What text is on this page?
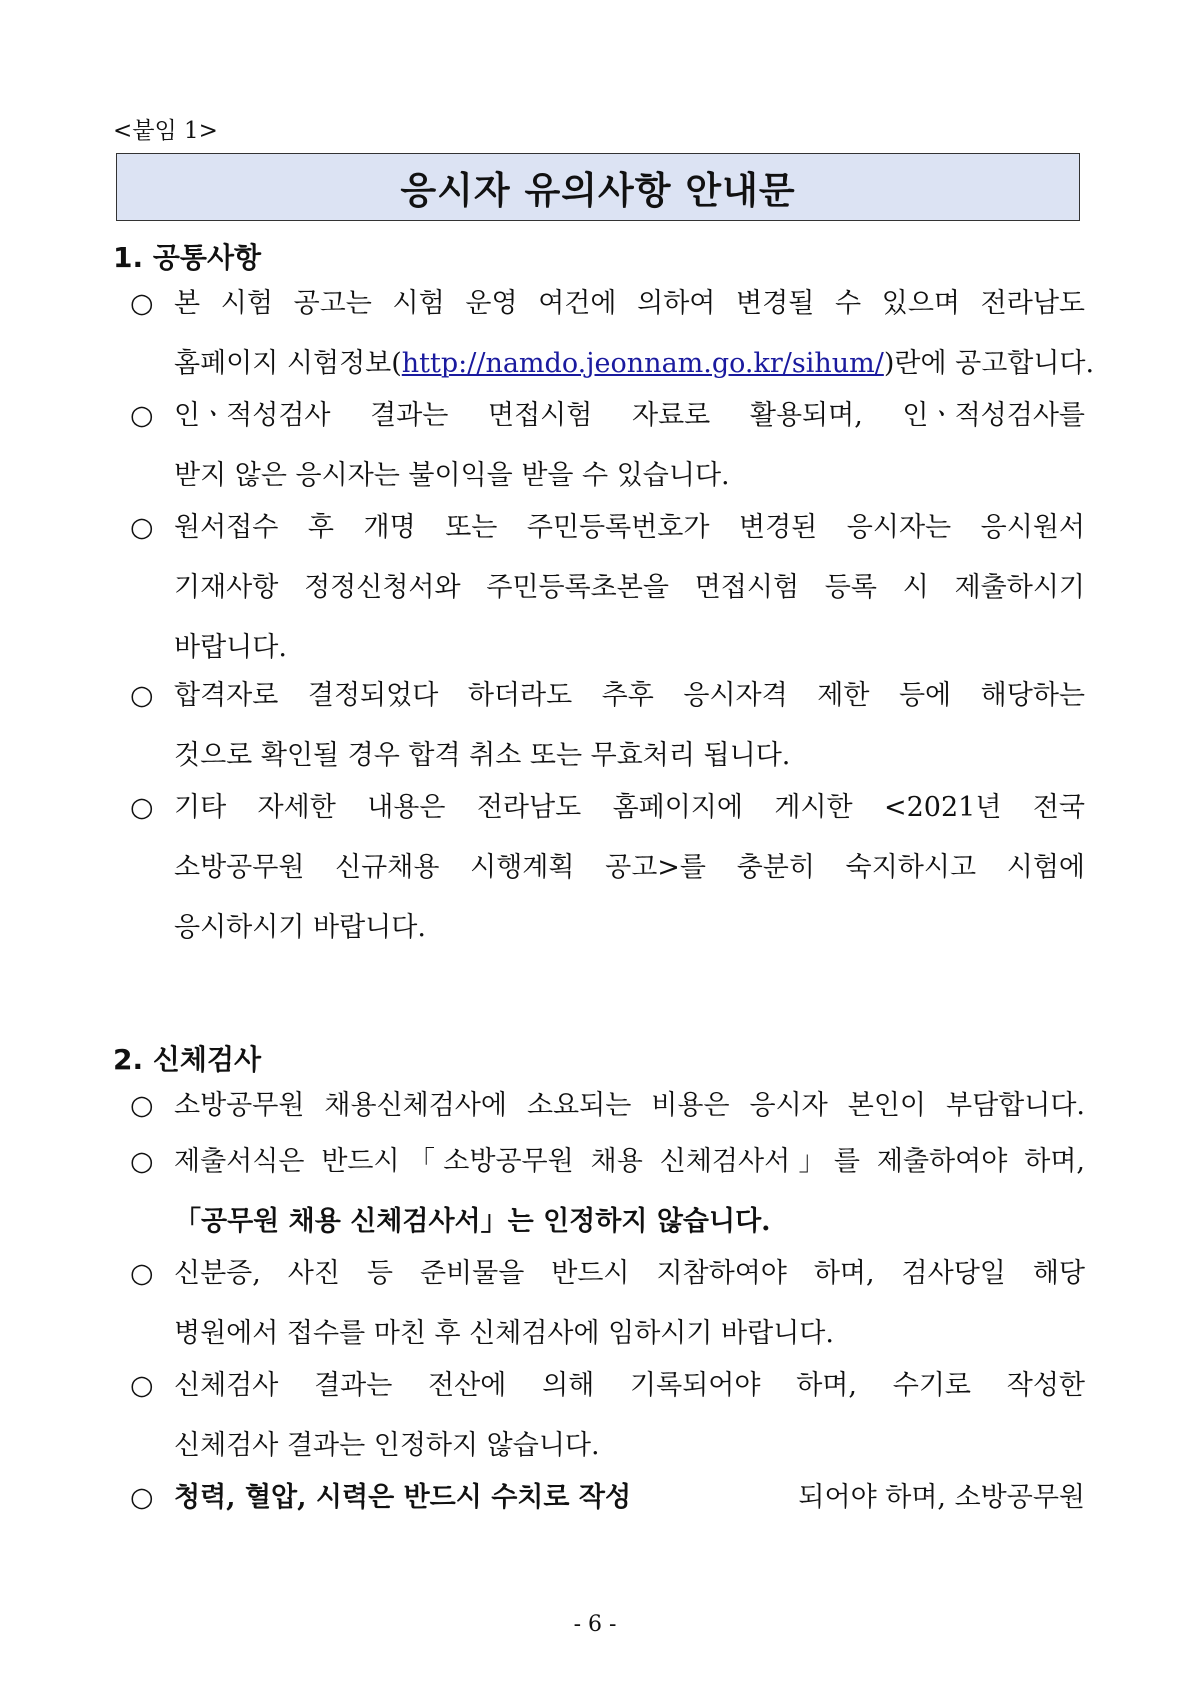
<붙임 1>
응시자 유의사항 안내문
1. 공통사항
○ 본 시험 공고는 시험 운영 여건에 의하여 변경될 수 있으며 전라남도
홈페이지 시험정보(http://namdo.jeonnam.go.kr/sihum/)란에 공고합니다.
○ 인ㆍ적성검사 결과는 면접시험 자료로 활용되며, 인ㆍ적성검사를
받지 않은 응시자는 불이익을 받을 수 있습니다.
○ 원서접수 후 개명 또는 주민등록번호가 변경된 응시자는 응시원서
기재사항 정정신청서와 주민등록초본을 면접시험 등록 시 제출하시기
바랍니다.
○ 합격자로 결정되었다 하더라도 추후 응시자격 제한 등에 해당하는
것으로 확인될 경우 합격 취소 또는 무효처리 됩니다.
○ 기타 자세한 내용은 전라남도 홈페이지에 게시한 <2021년 전국
소방공무원 신규채용 시행계획 공고>를 충분히 숙지하시고 시험에
응시하시기 바랍니다.
2. 신체검사
○ 소방공무원 채용신체검사에 소요되는 비용은 응시자 본인이 부담합니다.
○ 제출서식은 반드시「소방공무원 채용 신체검사서」를 제출하여야 하며,
「공무원 채용 신체검사서」는 인정하지 않습니다.
○ 신분증, 사진 등 준비물을 반드시 지참하여야 하며, 검사당일 해당
병원에서 접수를 마친 후 신체검사에 임하시기 바랍니다.
○ 신체검사 결과는 전산에 의해 기록되어야 하며, 수기로 작성한
신체검사 결과는 인정하지 않습니다.
○ 청력, 혈압, 시력은 반드시 수치로 작성	되어야 하며, 소방공무원
- 6 -
